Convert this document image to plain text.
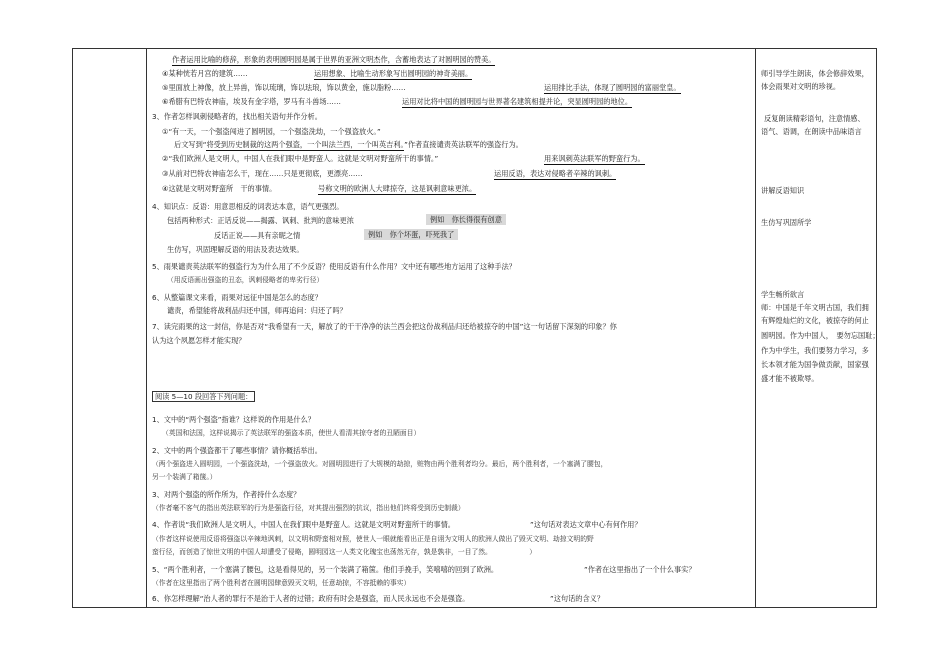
作者运用比喻的修辞，形象的表明圆明园是属于世界的亚洲文明杰作，含蓄地表达了对圆明园的赞美。
④某种恍若月宫的建筑……	运用想象、比喻生动形象写出圆明园的神奇美丽。
⑤里面放上神像，放上异兽，饰以琉璃，饰以珐琅，饰以黄金，施以脂粉……	运用排比手法，体现了圆明园的富丽堂皇。
⑥希腊有巴特农神庙，埃及有金字塔，罗马有斗兽场……	运用对比将中国的圆明园与世界著名建筑相提并论，突显圆明园的地位。
3、作者怎样讽刺侵略者的，找出相关语句并作分析。
①“有一天，一个强盗闯进了圆明园，一个强盗洗劫，一个强盗放火。”
后文写到“将受到历史制裁的这两个强盗，一个叫法兰西，一个叫英吉利。”作者直接谴责英法联军的强盗行为。
②“我们欧洲人是文明人，中国人在我们眼中是野蛮人。这就是文明对野蛮所干的事情。”	用来讽刺英法联军的野蛮行为。
③从前对巴特农神庙怎么干，现在……只是更彻底，更漂亮……	运用反语，表达对侵略者辛辣的讽刺。
④这就是文明对野蛮所　干的事情。	号称文明的欧洲人大肆掠夺，这是讽刺意味更浓。
4、知识点：反语：用意思相反的词表达本意，语气更强烈。
包括两种形式：正话反说——揭露、讽刺、批判的意味更浓	例如　你长得很有创意
反话正说——具有亲昵之情	例如　你个坏蛋，吓死我了
生仿写，巩固理解反语的用法及表达效果。
5、雨果谴责英法联军的强盗行为为什么用了不少反语？使用反语有什么作用？文中还有哪些地方运用了这种手法？
（用反语画出强盗的丑态，讽刺侵略者的卑劣行径）
6、从整篇课文来看，雨果对远征中国是怎么的态度？
谴责，希望能将战利品归还中国，师再追问：归还了吗？
7、读完雨果的这一封信，你是否对“我希望有一天，解放了的干干净净的法兰西会把这份战利品归还给被掠夺的中国”这一句话留下深刻的印象？你
认为这个夙愿怎样才能实现？
阅读 5—10 段回答下列问题：
1、文中的“两个强盗”指谁？这样说的作用是什么？
（英国和法国，这样说揭示了英法联军的强盗本质，使世人看清其掠夺者的丑陋面目）
2、文中的两个强盗都干了哪些事情？请你概括举出。
（两个强盗进入圆明园，一个强盗洗劫，一个强盗放火。对圆明园进行了大规模的劫掠，赃物由两个胜利者均分。最后，两个胜利者，一个塞满了腰包，
另一个装满了箱箧。）
3、对两个强盗的所作所为，作者持什么态度？
（作者毫不客气的指出英法联军的行为是强盗行径，对其提出强烈的抗议，指出他们终将受到历史制裁）
4、作者说“我们欧洲人是文明人，中国人在我们眼中是野蛮人。这就是文明对野蛮所干的事情。	”这句话对表达文章中心有何作用？
（作者这样说使用反语将强盗以辛辣地讽刺，以文明和野蛮相对照，使世人一眼就能看出正是自诩为文明人的欧洲人做出了毁灭文明、劫掠文明的野
蛮行径，而创造了惊世文明的中国人却遭受了侵略，圆明园这一人类文化瑰宝也荡然无存，孰是孰非，一目了然。　　　　　　）
5、“两个胜利者，一个塞满了腰包，这是看得见的，另一个装满了箱箧。他们手挽手，笑嘻嘻的回到了欧洲。	”作者在这里指出了一个什么事实？
（作者在这里指出了两个胜利者在圆明园肆意毁灭文明，任意劫掠，不容抵赖的事实）
6、你怎样理解“治人者的罪行不是治于人者的过错；政府有时会是强盗，而人民永远也不会是强盗。	”这句话的含义？
师引导学生朗读，体会修辞效果，
体会雨果对文明的珍视。
反复朗读精彩语句，注意情感、
语气、语调，在朗读中品味语言
讲解反语知识
生仿写巩固所学
学生畅所欲言
师：中国是千年文明古国，我们拥
有辉煌灿烂的文化，被掠夺的何止
圆明园。作为中国人，　要勿忘国耻；
作为中学生，我们要努力学习，多
长本领才能为国争做贡献，国家强
盛才能不被欺辱。
